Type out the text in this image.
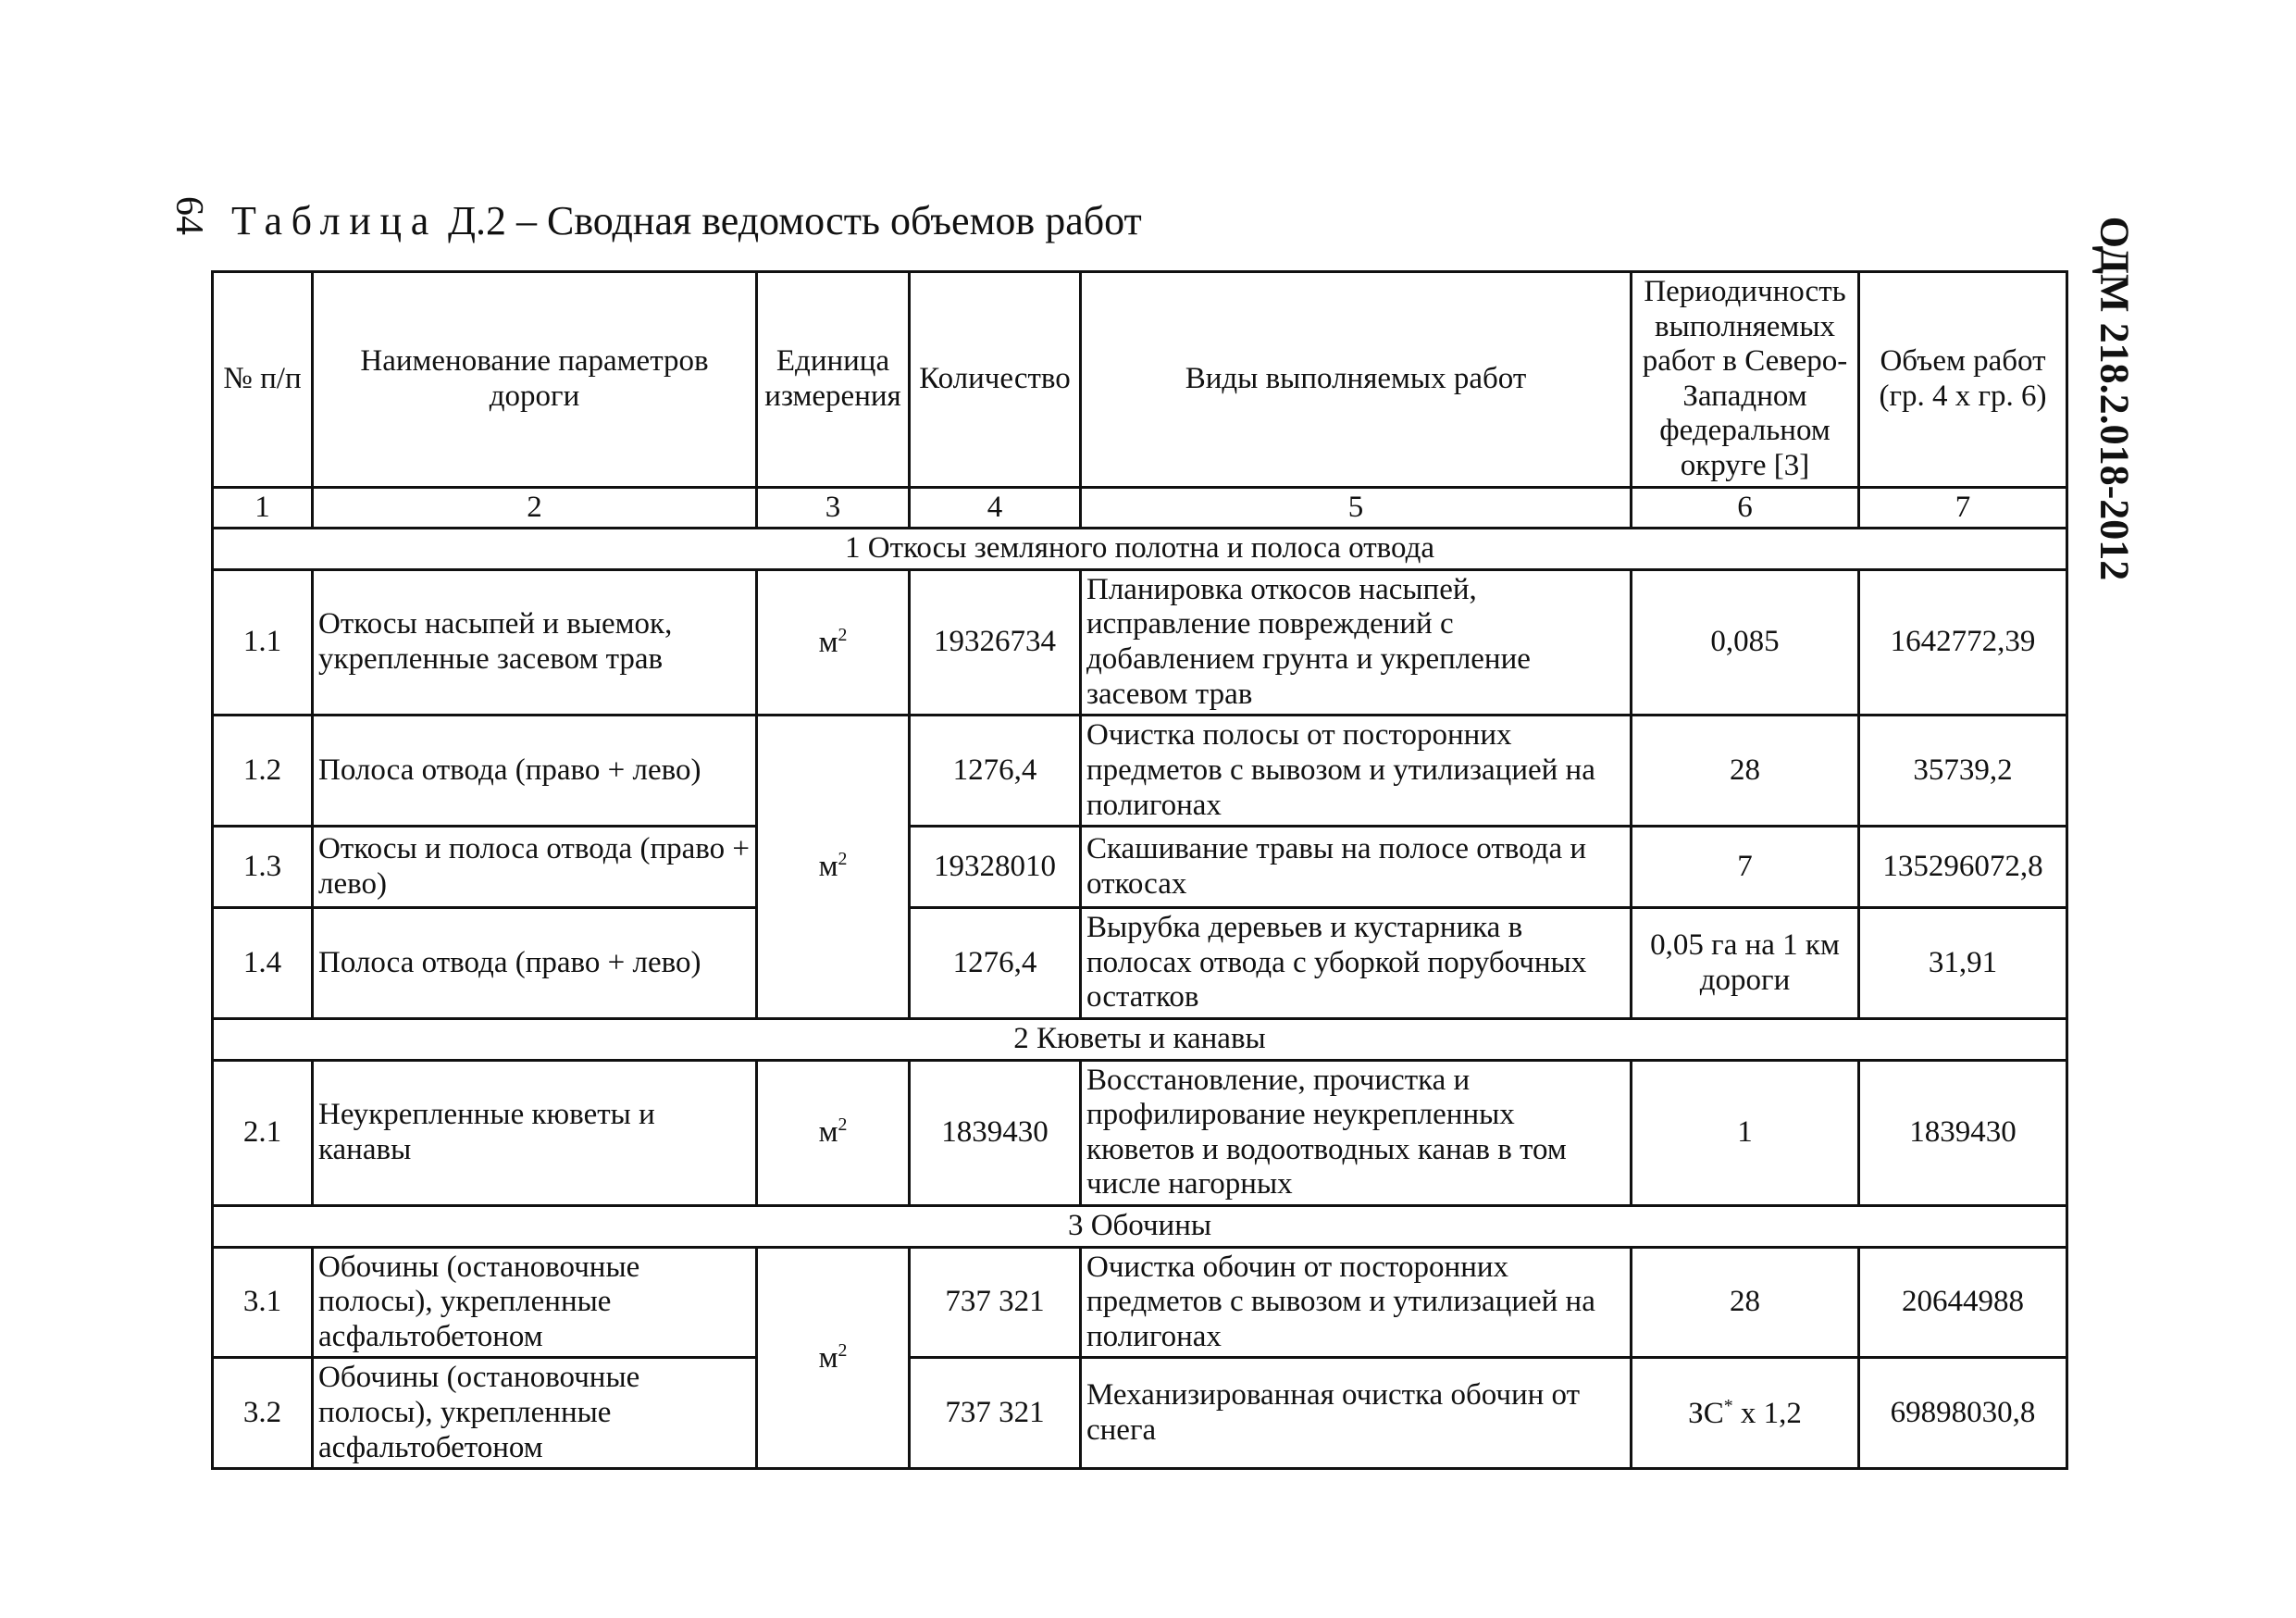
64
ОДМ 218.2.018-2012
Таблица Д.2 – Сводная ведомость объемов работ
№ п/п	Наименование параметров дороги	Единица измерения	Количество	Виды выполняемых работ	Периодичность выполняемых работ в Северо-Западном федеральном округе [3]	Объем работ (гр. 4 х гр. 6)
1	2	3	4	5	6	7
1 Откосы земляного полотна и полоса отвода						
1.1	Откосы насыпей и выемок, укрепленные засевом трав	$м^2$	19326734	Планировка откосов насыпей, исправление повреждений с добавлением грунта и укрепление засевом трав	0,085	1642772,39
1.2	Полоса отвода (право + лево)	$м^2$	1276,4	Очистка полосы от посторонних предметов с вывозом и утилизацией на полигонах	28	35739,2
1.3	Откосы и полоса отвода (право + лево)		19328010	Скашивание травы на полосе отвода и откосах	7	135296072,8
1.4	Полоса отвода (право + лево)		1276,4	Вырубка деревьев и кустарника в полосах отвода с уборкой порубочных остатков	0,05 га на 1 км дороги	31,91
2 Кюветы и канавы						
2.1	Неукрепленные кюветы и канавы	$м^2$	1839430	Восстановление, прочистка и профилирование неукрепленных кюветов и водоотводных канав в том числе нагорных	1	1839430
3 Обочины						
3.1	Обочины (остановочные полосы), укрепленные асфальтобетоном	$м^2$	737 321	Очистка обочин от посторонних предметов с вывозом и утилизацией на полигонах	28	20644988
3.2	Обочины (остановочные полосы), укрепленные асфальтобетоном		737 321	Механизированная очистка обочин от снега	ЗС* х 1,2	69898030,8
